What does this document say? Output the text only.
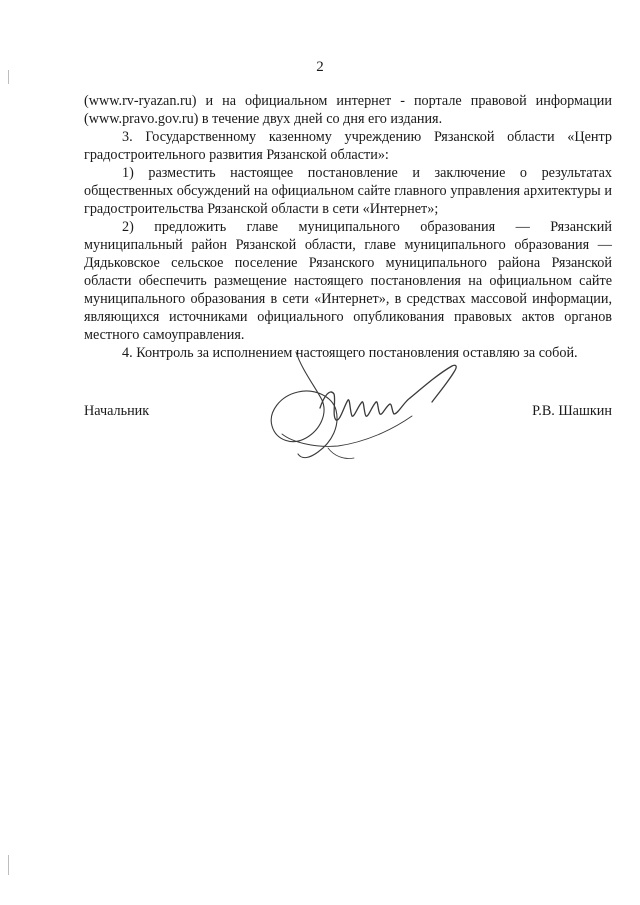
2

(www.rv-ryazan.ru) и на официальном интернет - портале правовой информации (www.pravo.gov.ru) в течение двух дней со дня его издания.

3. Государственному казенному учреждению Рязанской области «Центр градостроительного развития Рязанской области»:

1) разместить настоящее постановление и заключение о результатах общественных обсуждений на официальном сайте главного управления архитектуры и градостроительства Рязанской области в сети «Интернет»;

2) предложить главе муниципального образования — Рязанский муниципальный район Рязанской области, главе муниципального образования — Дядьковское сельское поселение Рязанского муниципального района Рязанской области обеспечить размещение настоящего постановления на официальном сайте муниципального образования в сети «Интернет», в средствах массовой информации, являющихся источниками официального опубликования правовых актов органов местного самоуправления.

4. Контроль за исполнением настоящего постановления оставляю за собой.

Начальник	Р.В. Шашкин
